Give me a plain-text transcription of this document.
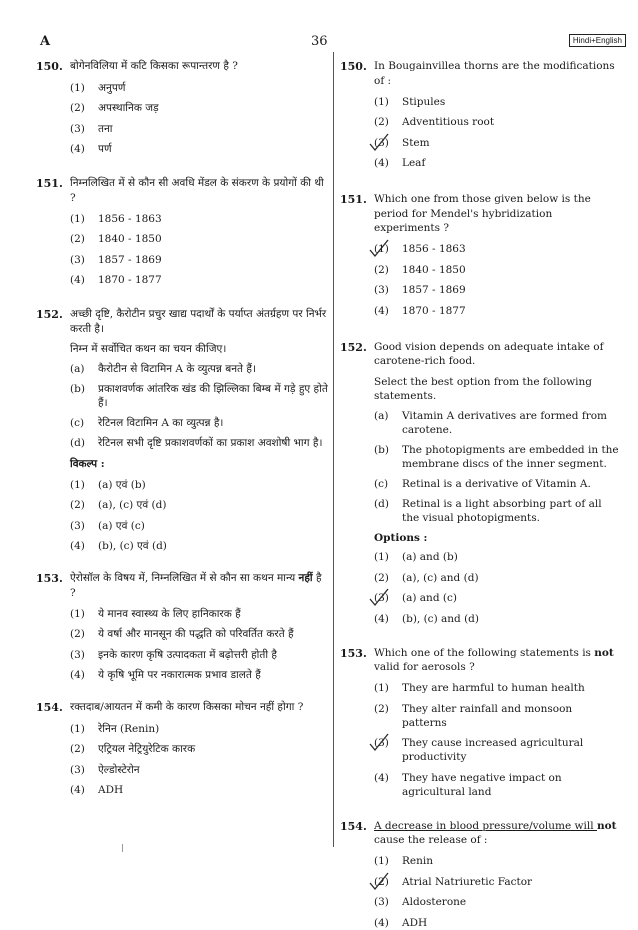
A	36	Hindi+English
150. बोगेनविलिया में कटि किसका रूपान्तरण है ?
(1)	अनुपर्ण
(2)	अपस्थानिक जड़
(3)	तना
(4)	पर्ण
151. निम्नलिखित में से कौन सी अवधि मेंडल के संकरण के प्रयोगों की थी ?
(1)	1856 - 1863
(2)	1840 - 1850
(3)	1857 - 1869
(4)	1870 - 1877
152. अच्छी दृष्टि, कैरोटीन प्रचुर खाद्य पदार्थों के पर्याप्त अंतर्ग्रहण पर निर्भर करती है।
निम्न में सर्वोचित कथन का चयन कीजिए।
(a)	कैरोटीन से विटामिन A के व्युत्पन्न बनते हैं।
(b)	प्रकाशवर्णक आंतरिक खंड की झिल्लिका बिम्ब में गड़े हुए होते हैं।
(c)	रेटिनल विटामिन A का व्युत्पन्न है।
(d)	रेटिनल सभी दृष्टि प्रकाशवर्णकों का प्रकाश अवशोषी भाग है।
विकल्प :
(1)	(a) एवं (b)
(2)	(a), (c) एवं (d)
(3)	(a) एवं (c)
(4)	(b), (c) एवं (d)
153. ऐरोसॉल के विषय में, निम्नलिखित में से कौन सा कथन मान्य नहीं है ?
(1)	ये मानव स्वास्थ्य के लिए हानिकारक हैं
(2)	ये वर्षा और मानसून की पद्धति को परिवर्तित करते हैं
(3)	इनके कारण कृषि उत्पादकता में बढ़ोत्तरी होती है
(4)	ये कृषि भूमि पर नकारात्मक प्रभाव डालते हैं
154. रक्तदाब/आयतन में कमी के कारण किसका मोचन नहीं होगा ?
(1)	रेनिन (Renin)
(2)	एट्रियल नेट्रियुरेटिक कारक
(3)	ऐल्डोस्टेरोन
(4)	ADH
150. In Bougainvillea thorns are the modifications of :
(1)	Stipules
(2)	Adventitious root
(3)	Stem
(4)	Leaf
151. Which one from those given below is the period for Mendel's hybridization experiments ?
(1)	1856 - 1863
(2)	1840 - 1850
(3)	1857 - 1869
(4)	1870 - 1877
152. Good vision depends on adequate intake of carotene-rich food.
Select the best option from the following statements.
(a)	Vitamin A derivatives are formed from carotene.
(b)	The photopigments are embedded in the membrane discs of the inner segment.
(c)	Retinal is a derivative of Vitamin A.
(d)	Retinal is a light absorbing part of all the visual photopigments.
Options :
(1)	(a) and (b)
(2)	(a), (c) and (d)
(3)	(a) and (c)
(4)	(b), (c) and (d)
153. Which one of the following statements is not valid for aerosols ?
(1)	They are harmful to human health
(2)	They alter rainfall and monsoon patterns
(3)	They cause increased agricultural productivity
(4)	They have negative impact on agricultural land
154. A decrease in blood pressure/volume will not cause the release of :
(1)	Renin
(2)	Atrial Natriuretic Factor
(3)	Aldosterone
(4)	ADH
